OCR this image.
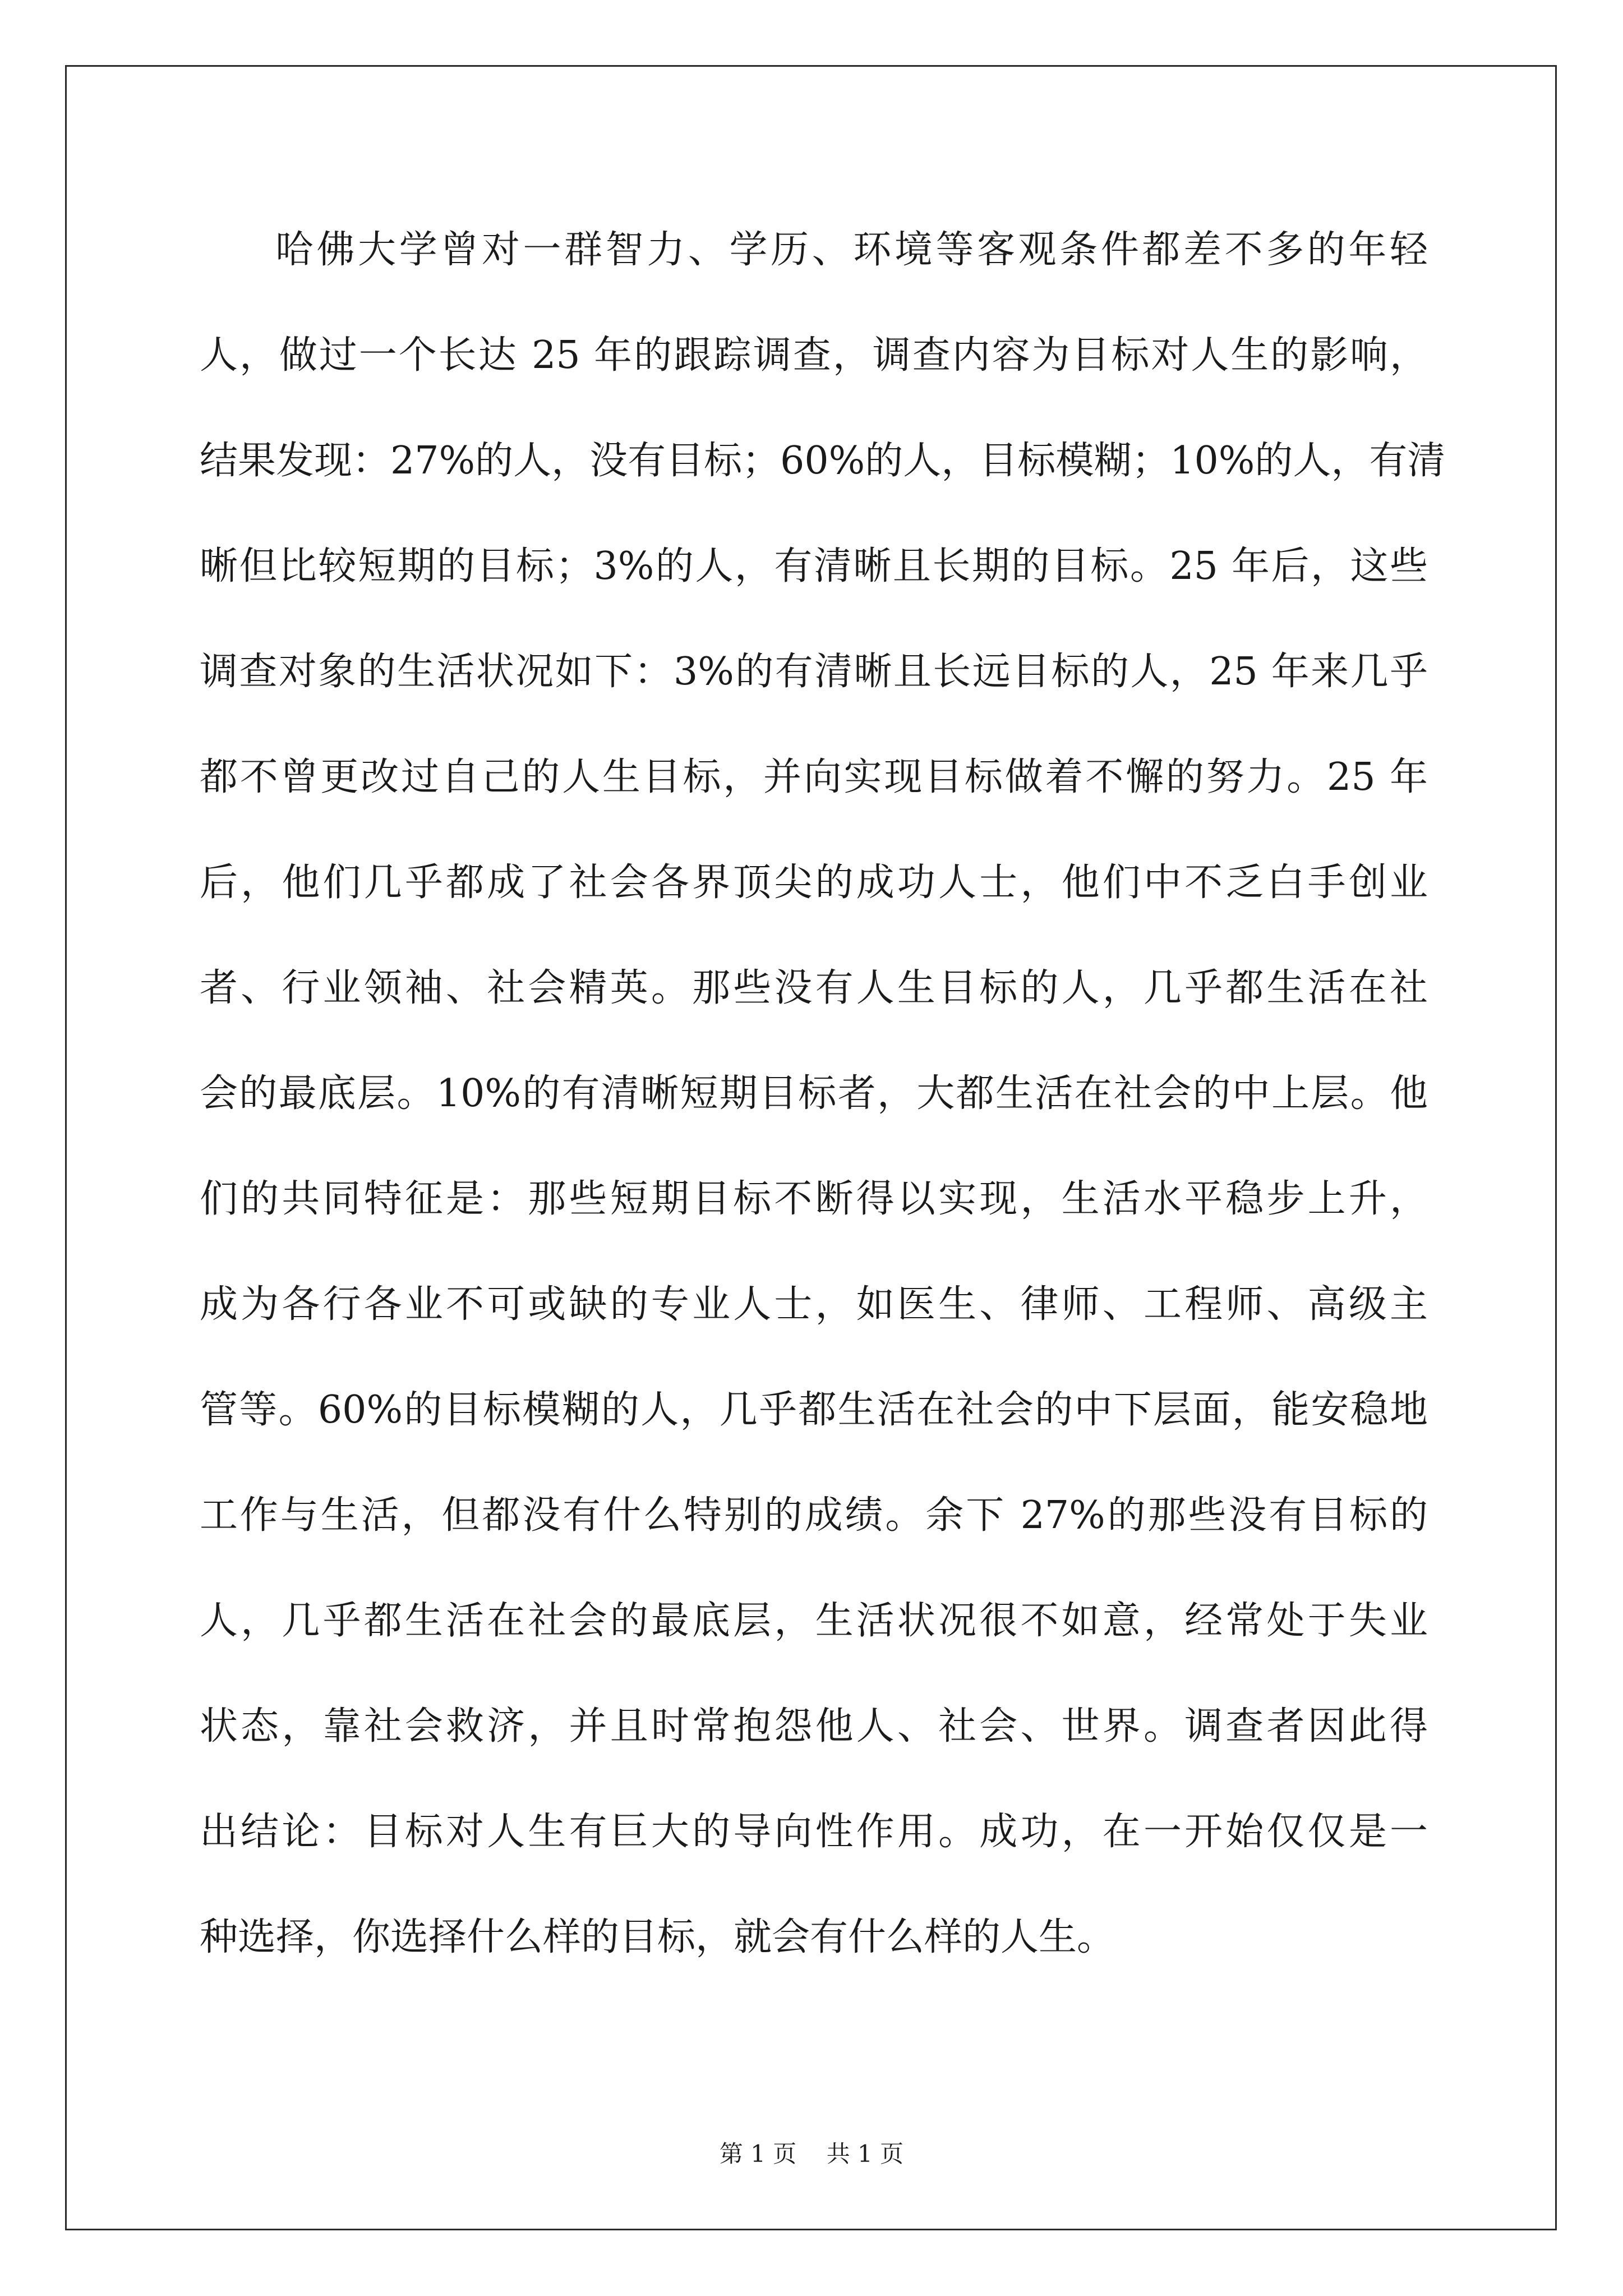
哈佛大学曾对一群智力、学历、环境等客观条件都差不多的年轻
人，做过一个长达 25 年的跟踪调查，调查内容为目标对人生的影响，
结果发现：27%的人，没有目标；60%的人，目标模糊；10%的人，有清
晰但比较短期的目标；3%的人，有清晰且长期的目标。25 年后，这些
调查对象的生活状况如下：3%的有清晰且长远目标的人，25 年来几乎
都不曾更改过自己的人生目标，并向实现目标做着不懈的努力。25 年
后，他们几乎都成了社会各界顶尖的成功人士，他们中不乏白手创业
者、行业领袖、社会精英。那些没有人生目标的人，几乎都生活在社
会的最底层。10%的有清晰短期目标者，大都生活在社会的中上层。他
们的共同特征是：那些短期目标不断得以实现，生活水平稳步上升，
成为各行各业不可或缺的专业人士，如医生、律师、工程师、高级主
管等。60%的目标模糊的人，几乎都生活在社会的中下层面，能安稳地
工作与生活，但都没有什么特别的成绩。余下 27%的那些没有目标的
人，几乎都生活在社会的最底层，生活状况很不如意，经常处于失业
状态，靠社会救济，并且时常抱怨他人、社会、世界。调查者因此得
出结论：目标对人生有巨大的导向性作用。成功，在一开始仅仅是一
种选择，你选择什么样的目标，就会有什么样的人生。
第 1 页    共 1 页
